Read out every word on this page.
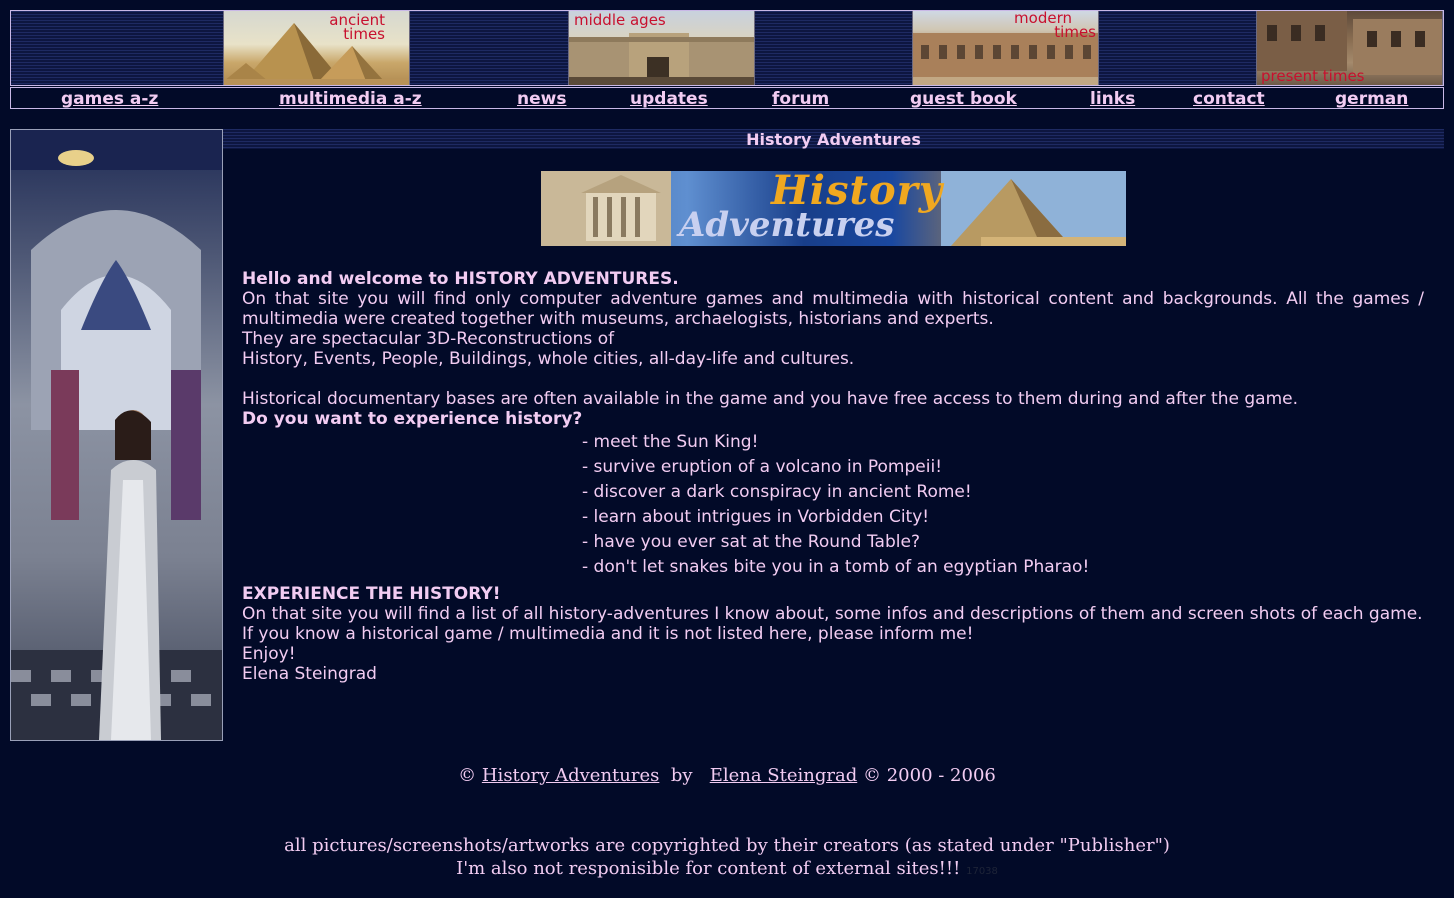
ancient
times
middle ages	modern
times
present times
games a-z	multimedia a-z	news	updates	forum	guest book	links	contact	german
History Adventures
History
Adventures
Hello and welcome to HISTORY ADVENTURES.
On that site you will find only computer adventure games and multimedia with historical content and backgrounds. All the games /
multimedia were created together with museums, archaelogists, historians and experts.
They are spectacular 3D-Reconstructions of
History, Events, People, Buildings, whole cities, all-day-life and cultures.
Historical documentary bases are often available in the game and you have free access to them during and after the game.
Do you want to experience history?
- meet the Sun King!
- survive eruption of a volcano in Pompeii!
- discover a dark conspiracy in ancient Rome!
- learn about intrigues in Vorbidden City!
- have you ever sat at the Round Table?
- don't let snakes bite you in a tomb of an egyptian Pharao!
EXPERIENCE THE HISTORY!
On that site you will find a list of all history-adventures I know about, some infos and descriptions of them and screen shots of each game.
If you know a historical game / multimedia and it is not listed here, please inform me!
Enjoy!
Elena Steingrad
© History Adventures by Elena Steingrad © 2000 - 2006
all pictures/screenshots/artworks are copyrighted by their creators (as stated under "Publisher")
I'm also not responisible for content of external sites!!! 17038
